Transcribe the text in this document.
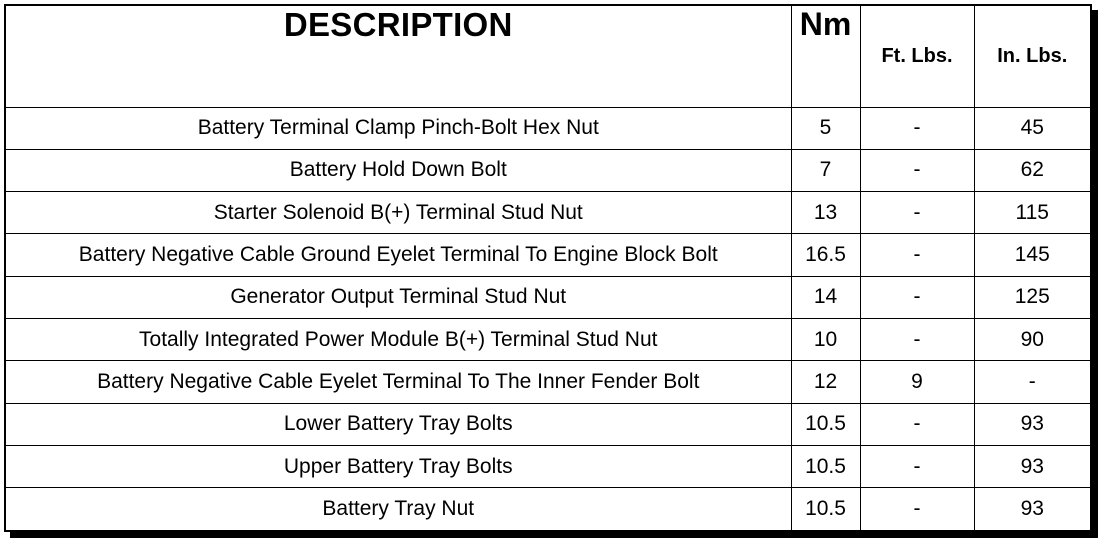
DESCRIPTION	Nm	Ft. Lbs.	In. Lbs.
Battery Terminal Clamp Pinch-Bolt Hex Nut	5	-	45
Battery Hold Down Bolt	7	-	62
Starter Solenoid B(+) Terminal Stud Nut	13	-	115
Battery Negative Cable Ground Eyelet Terminal To Engine Block Bolt	16.5	-	145
Generator Output Terminal Stud Nut	14	-	125
Totally Integrated Power Module B(+) Terminal Stud Nut	10	-	90
Battery Negative Cable Eyelet Terminal To The Inner Fender Bolt	12	9	-
Lower Battery Tray Bolts	10.5	-	93
Upper Battery Tray Bolts	10.5	-	93
Battery Tray Nut	10.5	-	93
